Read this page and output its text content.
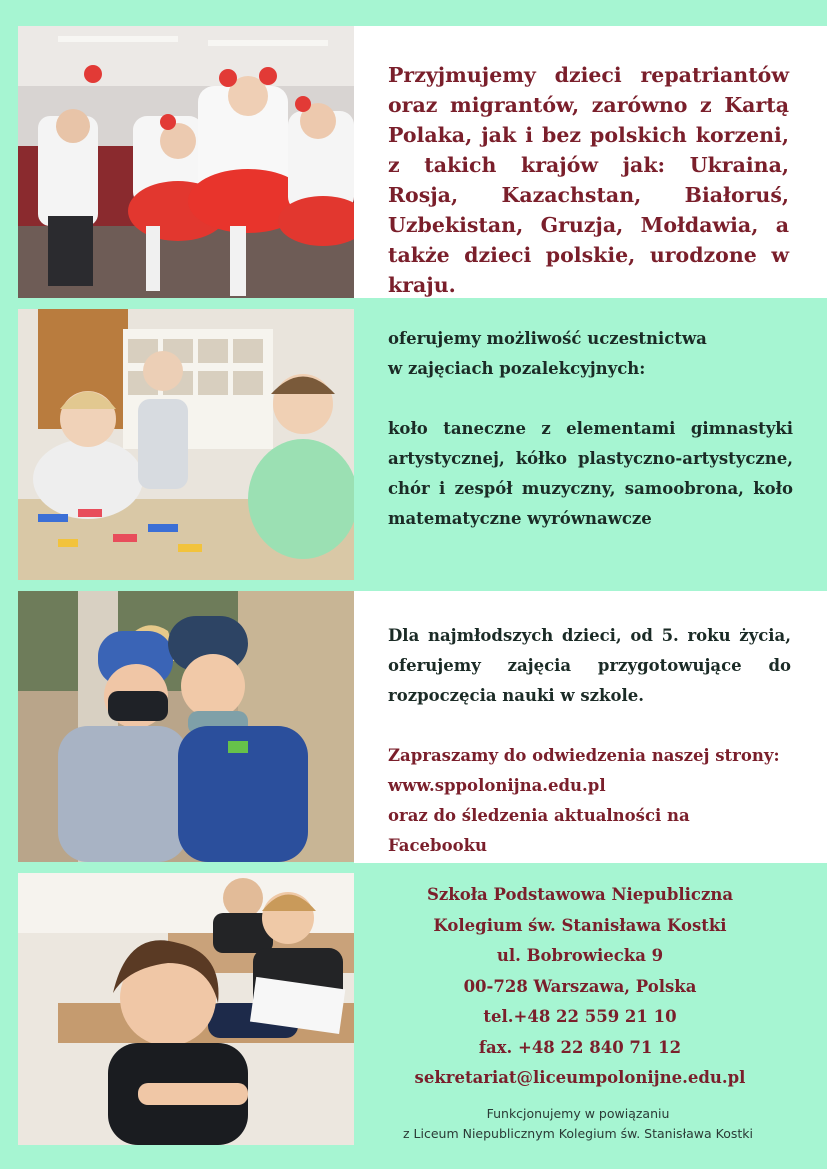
Przyjmujemy dzieci repatriantów oraz migrantów, zarówno z Kartą Polaka, jak i bez polskich korzeni, z takich krajów jak: Ukraina, Rosja, Kazachstan, Białoruś, Uzbekistan, Gruzja, Mołdawia, a także dzieci polskie, urodzone w kraju.

oferujemy możliwość uczestnictwa

w zajęciach pozalekcyjnych:

koło taneczne z elementami gimnastyki artystycznej, kółko plastyczno-artystyczne, chór i zespół muzyczny, samoobrona, koło matematyczne wyrównawcze

Dla najmłodszych dzieci, od 5. roku życia, oferujemy zajęcia przygotowujące do rozpoczęcia nauki w szkole.

Zapraszamy do odwiedzenia naszej strony:

www.sppolonijna.edu.pl

oraz do śledzenia aktualności na Facebooku

Szkoła Podstawowa Niepubliczna
Kolegium św. Stanisława Kostki
ul. Bobrowiecka 9
00-728 Warszawa, Polska
tel.+48 22 559 21 10
fax. +48 22 840 71 12
sekretariat@liceumpolonijne.edu.pl
Funkcjonujemy w powiązaniu
z Liceum Niepublicznym Kolegium św. Stanisława Kostki
